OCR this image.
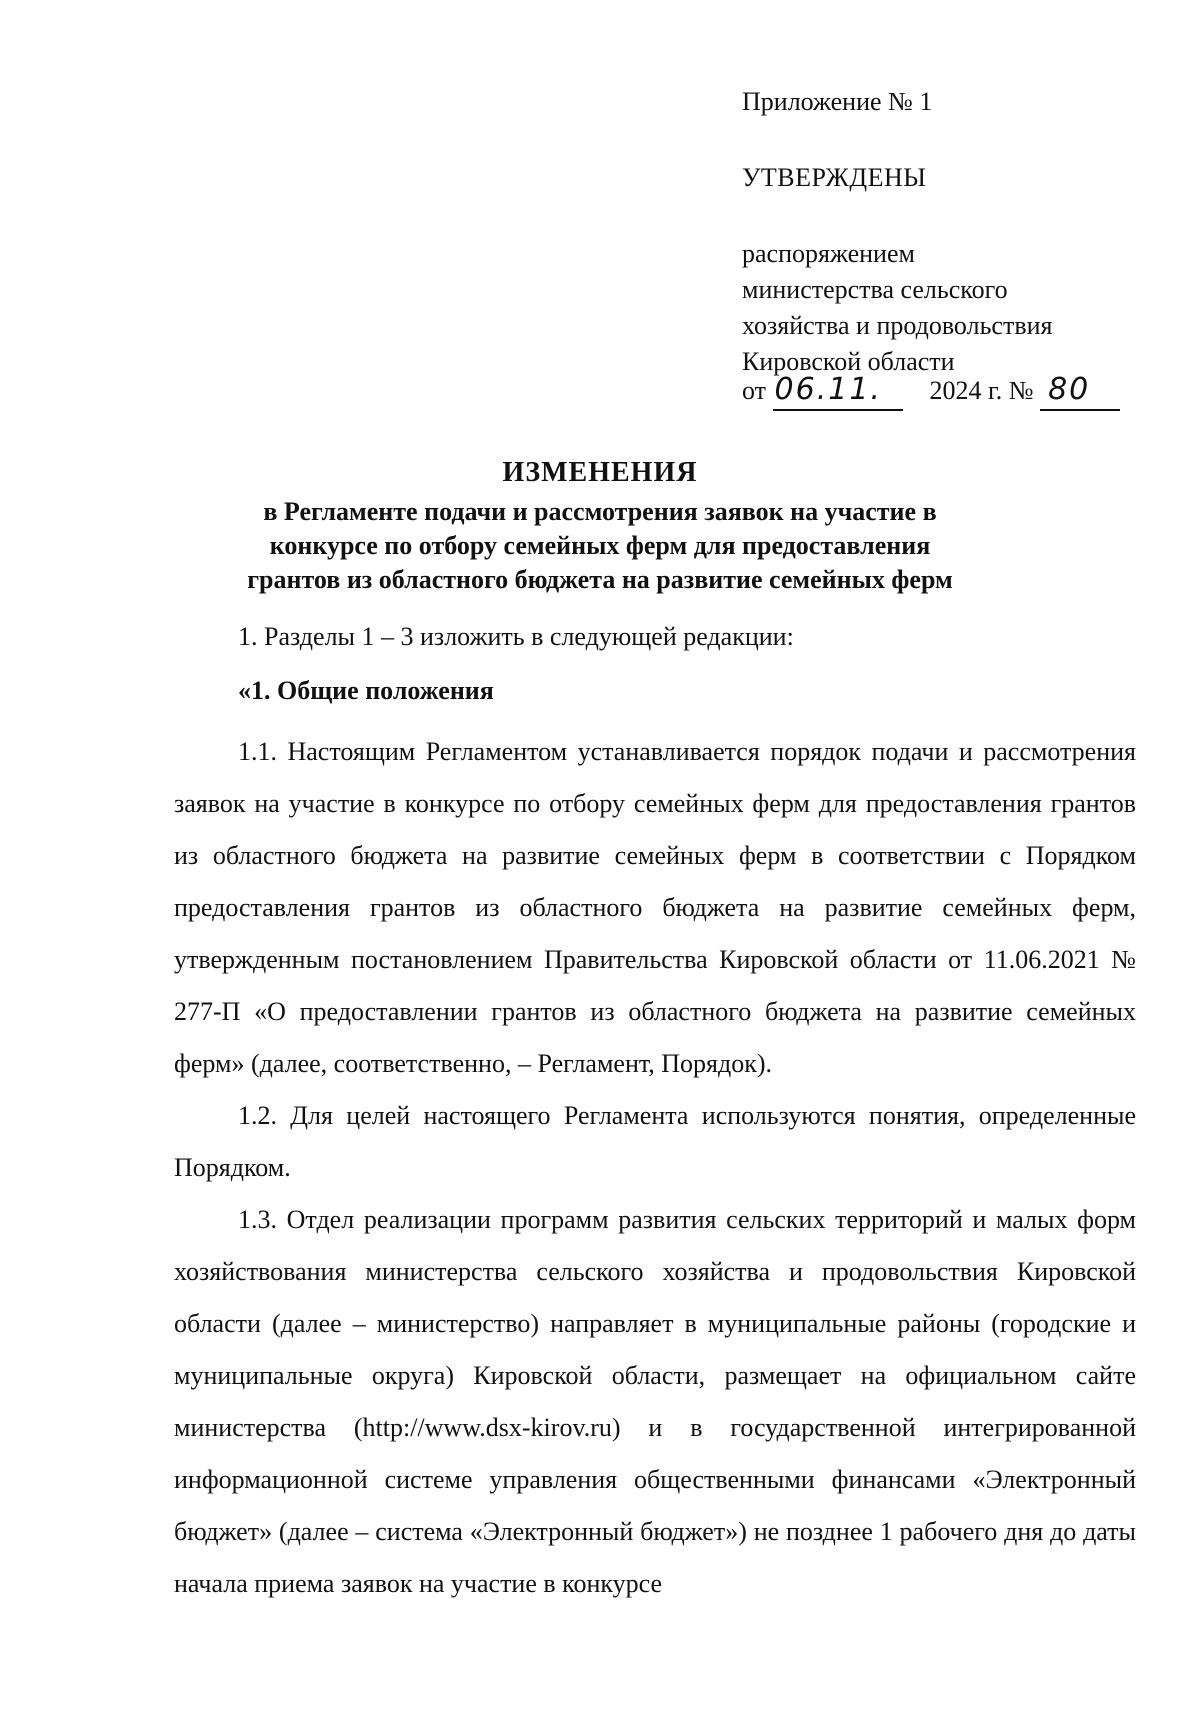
Приложение № 1
УТВЕРЖДЕНЫ
распоряжением
министерства сельского
хозяйства и продовольствия
Кировской области
от 06.11. 2024 г. № 80
ИЗМЕНЕНИЯ
в Регламенте подачи и рассмотрения заявок на участие в
конкурсе по отбору семейных ферм для предоставления
грантов из областного бюджета на развитие семейных ферм

1. Разделы 1 – 3 изложить в следующей редакции:

«1. Общие положения

1.1. Настоящим Регламентом устанавливается порядок подачи и рассмотрения заявок на участие в конкурсе по отбору семейных ферм для предоставления грантов из областного бюджета на развитие семейных ферм в соответствии с Порядком предоставления грантов из областного бюджета на развитие семейных ферм, утвержденным постановлением Правительства Кировской области от 11.06.2021 № 277-П «О предоставлении грантов из областного бюджета на развитие семейных ферм» (далее, соответственно, – Регламент, Порядок).

1.2. Для целей настоящего Регламента используются понятия, определенные Порядком.

1.3. Отдел реализации программ развития сельских территорий и малых форм хозяйствования министерства сельского хозяйства и продовольствия Кировской области (далее – министерство) направляет в муниципальные районы (городские и муниципальные округа) Кировской области, размещает на официальном сайте министерства (http://www.dsx-kirov.ru) и в государственной интегрированной информационной системе управления общественными финансами «Электронный бюджет» (далее – система «Электронный бюджет») не позднее 1 рабочего дня до даты начала приема заявок на участие в конкурсе
